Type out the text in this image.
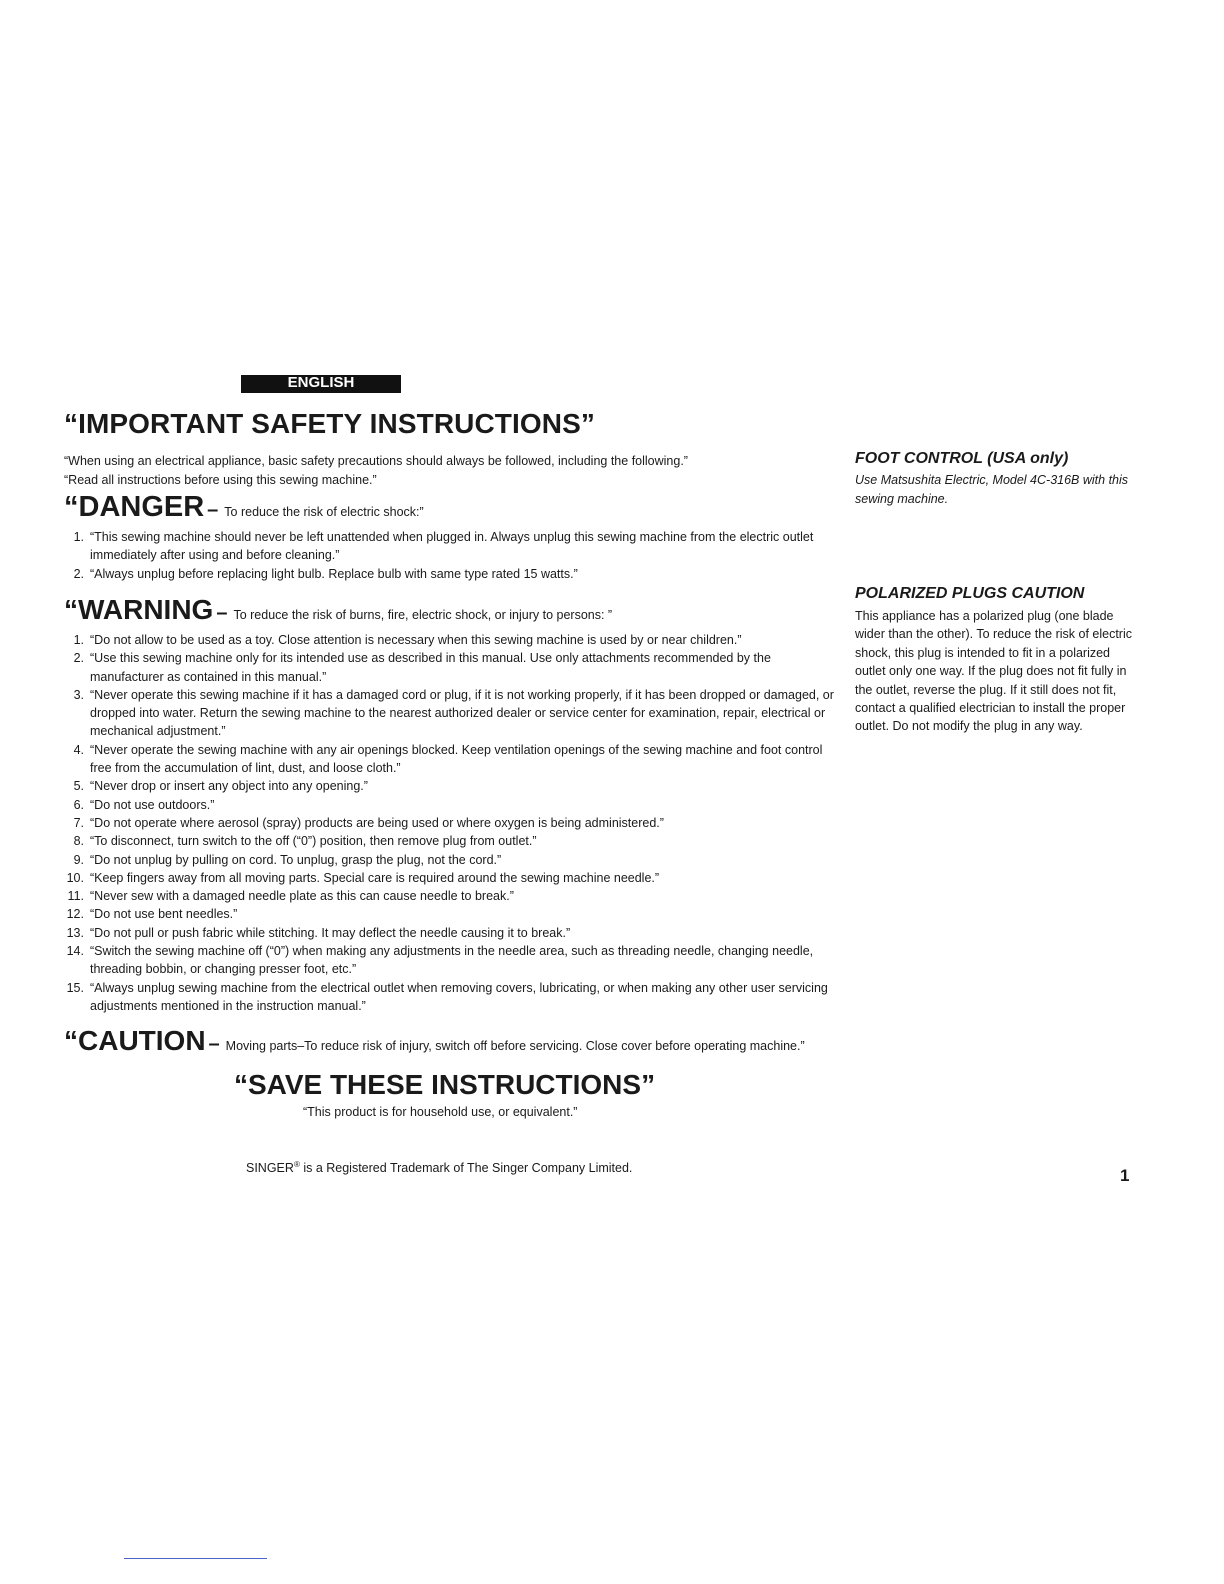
ENGLISH
“IMPORTANT SAFETY INSTRUCTIONS”
“When using an electrical appliance, basic safety precautions should always be followed, including the following.”
“Read all instructions before using this sewing machine.”
“DANGER – To reduce the risk of electric shock:”
1. “This sewing machine should never be left unattended when plugged in. Always unplug this sewing machine from the electric outlet immediately after using and before cleaning.”
2. “Always unplug before replacing light bulb. Replace bulb with same type rated 15 watts.”
“WARNING – To reduce the risk of burns, fire, electric shock, or injury to persons: ”
1. “Do not allow to be used as a toy. Close attention is necessary when this sewing machine is used by or near children.”
2. “Use this sewing machine only for its intended use as described in this manual. Use only attachments recommended by the manufacturer as contained in this manual.”
3. “Never operate this sewing machine if it has a damaged cord or plug, if it is not working properly, if it has been dropped or damaged, or dropped into water. Return the sewing machine to the nearest authorized dealer or service center for examination, repair, electrical or mechanical adjustment.”
4. “Never operate the sewing machine with any air openings blocked. Keep ventilation openings of the sewing machine and foot control free from the accumulation of lint, dust, and loose cloth.”
5. “Never drop or insert any object into any opening.”
6. “Do not use outdoors.”
7. “Do not operate where aerosol (spray) products are being used or where oxygen is being administered.”
8. “To disconnect, turn switch to the off (“0”) position, then remove plug from outlet.”
9. “Do not unplug by pulling on cord. To unplug, grasp the plug, not the cord.”
10. “Keep fingers away from all moving parts. Special care is required around the sewing machine needle.”
11. “Never sew with a damaged needle plate as this can cause needle to break.”
12. “Do not use bent needles.”
13. “Do not pull or push fabric while stitching. It may deflect the needle causing it to break.”
14. “Switch the sewing machine off (“0”) when making any adjustments in the needle area, such as threading needle, changing needle, threading bobbin, or changing presser foot, etc.”
15. “Always unplug sewing machine from the electrical outlet when removing covers, lubricating, or when making any other user servicing adjustments mentioned in the instruction manual.”
“CAUTION – Moving parts–To reduce risk of injury, switch off before servicing. Close cover before operating machine.”
“SAVE THESE INSTRUCTIONS”
“This product is for household use, or equivalent.”
SINGER® is a Registered Trademark of The Singer Company Limited.	1
FOOT CONTROL (USA only)
Use Matsushita Electric, Model 4C-316B with this sewing machine.
POLARIZED PLUGS CAUTION
This appliance has a polarized plug (one blade wider than the other). To reduce the risk of electric shock, this plug is intended to fit in a polarized outlet only one way. If the plug does not fit fully in the outlet, reverse the plug. If it still does not fit, contact a qualified electrician to install the proper outlet. Do not modify the plug in any way.
